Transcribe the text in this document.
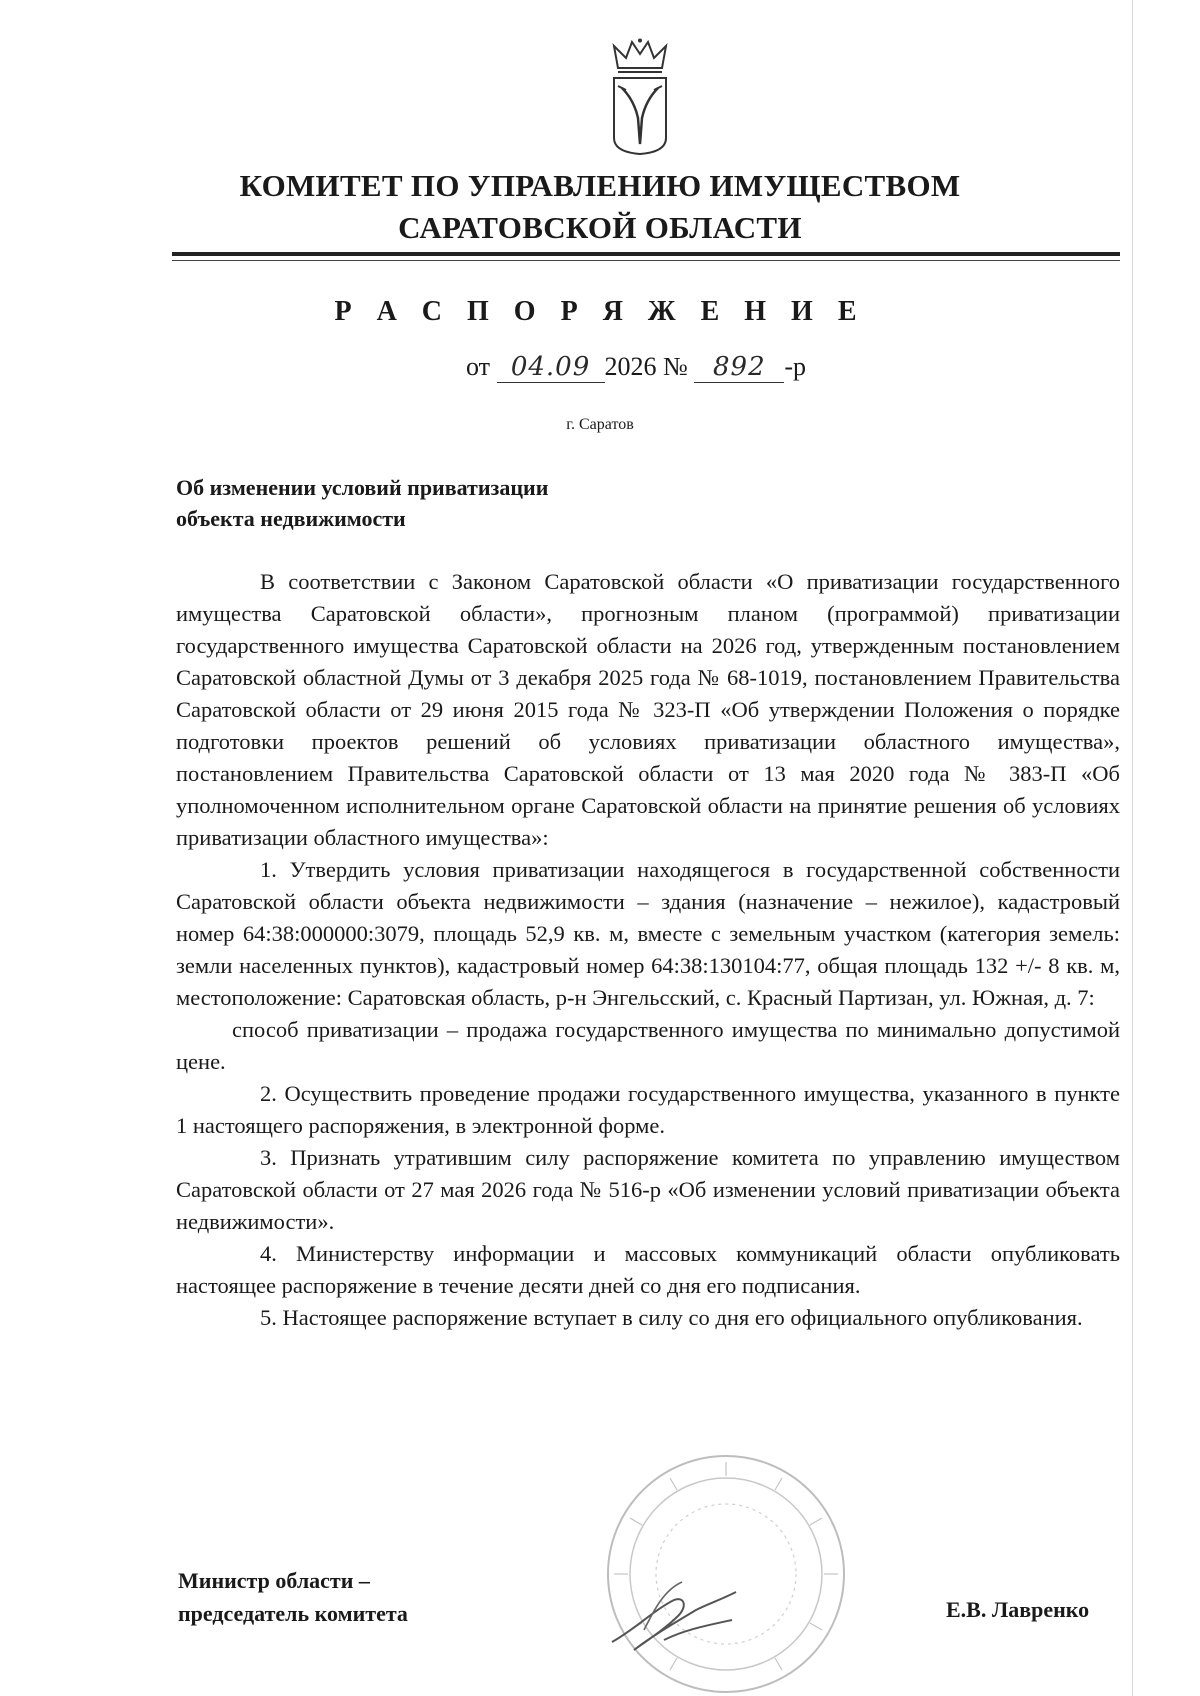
КОМИТЕТ ПО УПРАВЛЕНИЮ ИМУЩЕСТВОМ
САРАТОВСКОЙ ОБЛАСТИ
Р А С П О Р Я Ж Е Н И Е
от 04.09 2026 № 892 -р
г. Саратов
Об изменении условий приватизации
объекта недвижимости

В соответствии с Законом Саратовской области «О приватизации государственного имущества Саратовской области», прогнозным планом (программой) приватизации государственного имущества Саратовской области на 2026 год, утвержденным постановлением Саратовской областной Думы от 3 декабря 2025 года № 68-1019, постановлением Правительства Саратовской области от 29 июня 2015 года № 323-П «Об утверждении Положения о порядке подготовки проектов решений об условиях приватизации областного имущества», постановлением Правительства Саратовской области от 13 мая 2020 года № 383-П «Об уполномоченном исполнительном органе Саратовской области на принятие решения об условиях приватизации областного имущества»:

1. Утвердить условия приватизации находящегося в государственной собственности Саратовской области объекта недвижимости – здания (назначение – нежилое), кадастровый номер 64:38:000000:3079, площадь 52,9 кв. м, вместе с земельным участком (категория земель: земли населенных пунктов), кадастровый номер 64:38:130104:77, общая площадь 132 +/- 8 кв. м, местоположение: Саратовская область, р-н Энгельсский, с. Красный Партизан, ул. Южная, д. 7:

способ приватизации – продажа государственного имущества по минимально допустимой цене.

2. Осуществить проведение продажи государственного имущества, указанного в пункте 1 настоящего распоряжения, в электронной форме.

3. Признать утратившим силу распоряжение комитета по управлению имуществом Саратовской области от 27 мая 2026 года № 516-р «Об изменении условий приватизации объекта недвижимости».

4. Министерству информации и массовых коммуникаций области опубликовать настоящее распоряжение в течение десяти дней со дня его подписания.

5. Настоящее распоряжение вступает в силу со дня его официального опубликования.

Министр области –
председатель комитета	Е.В. Лавренко
